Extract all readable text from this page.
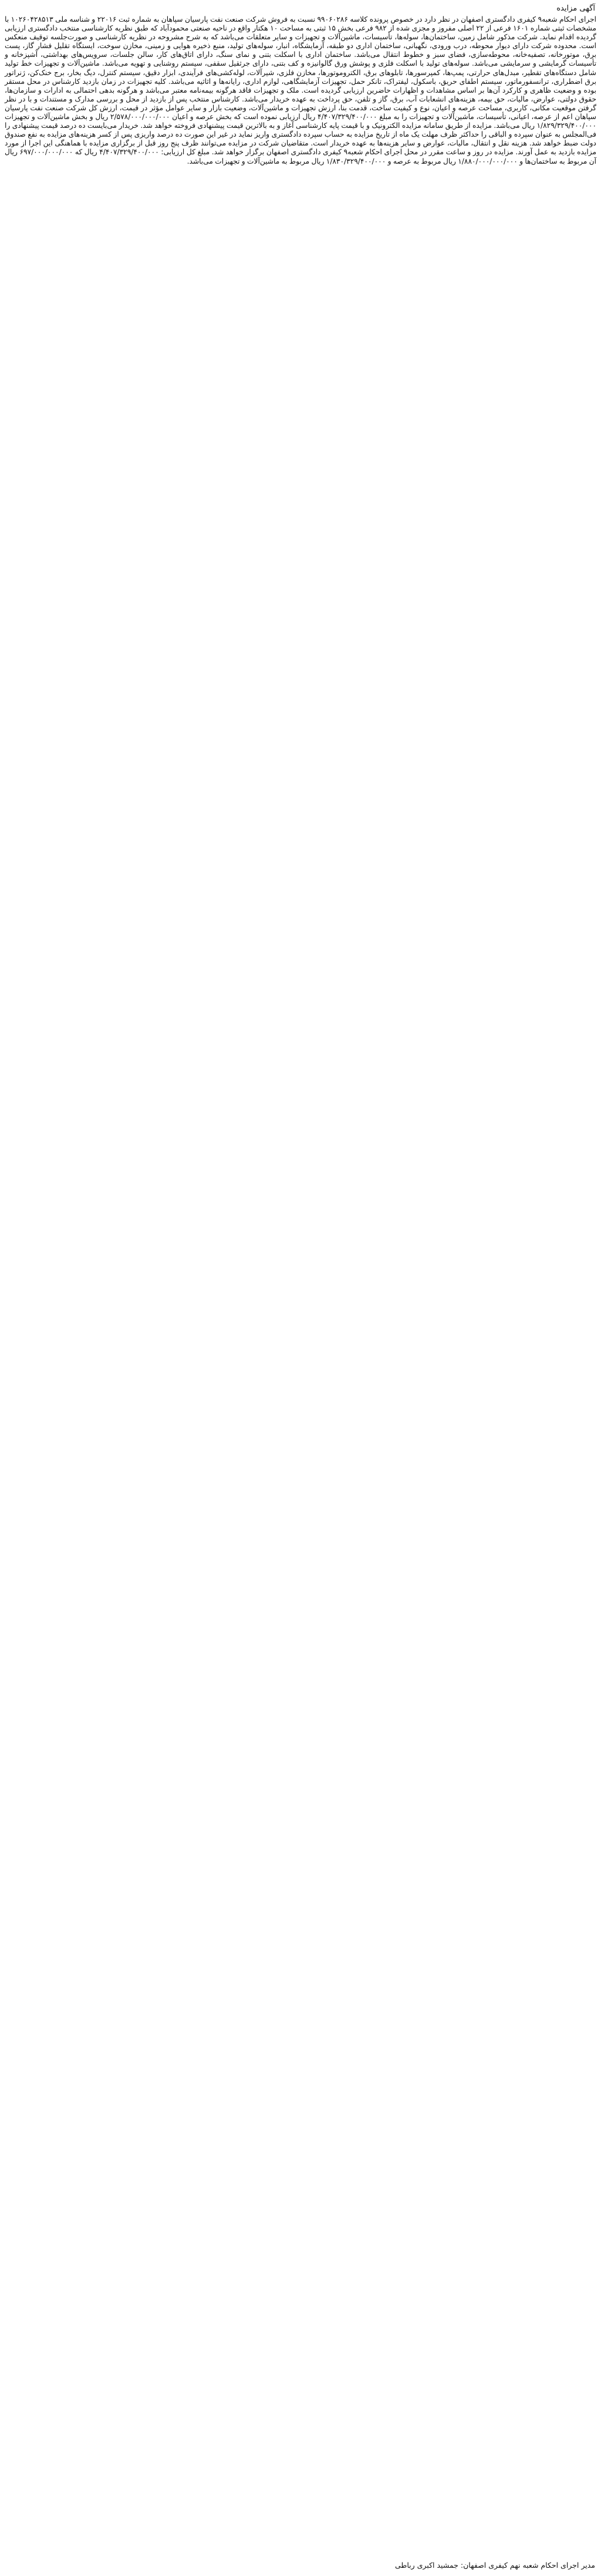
آگهی مزایده

اجرای احکام شعبه۹ کیفری دادگستری اصفهان در نظر دارد در خصوص پرونده کلاسه ۹۹۰۶۰۲۸۶ نسبت به فروش شرکت صنعت نفت پارسیان سپاهان به شماره ثبت ۲۲۰۱۶ و شناسه ملی ۱۰۲۶۰۴۲۸۵۱۳ با مشخصات ثبتی شماره ۱۶۰۱ فرعی از ۲۲ اصلی مفروز و مجزی شده از ۹۸۲ فرعی بخش ۱۵ ثبتی به مساحت ۱۰ هکتار واقع در ناحیه صنعتی محمودآباد که طبق نظریه کارشناسی منتخب دادگستری ارزیابی گردیده اقدام نماید. شرکت مذکور شامل زمین، ساختمان‌ها، سوله‌ها، تأسیسات، ماشین‌آلات و تجهیزات و سایر متعلقات می‌باشد که به شرح مشروحه در نظریه کارشناسی و صورت‌جلسه توقیف منعکس است. محدوده شرکت دارای دیوار محوطه، درب ورودی، نگهبانی، ساختمان اداری دو طبقه، آزمایشگاه، انبار، سوله‌های تولید، منبع ذخیره هوایی و زمینی، مخازن سوخت، ایستگاه تقلیل فشار گاز، پست برق، موتورخانه، تصفیه‌خانه، محوطه‌سازی، فضای سبز و خطوط انتقال می‌باشد. ساختمان اداری با اسکلت بتنی و نمای سنگ، دارای اتاق‌های کار، سالن جلسات، سرویس‌های بهداشتی، آشپزخانه و تأسیسات گرمایشی و سرمایشی می‌باشد. سوله‌های تولید با اسکلت فلزی و پوشش ورق گالوانیزه و کف بتنی، دارای جرثقیل سقفی، سیستم روشنایی و تهویه می‌باشد. ماشین‌آلات و تجهیزات خط تولید شامل دستگاه‌های تقطیر، مبدل‌های حرارتی، پمپ‌ها، کمپرسورها، تابلوهای برق، الکتروموتورها، مخازن فلزی، شیرآلات، لوله‌کشی‌های فرآیندی، ابزار دقیق، سیستم کنترل، دیگ بخار، برج خنک‌کن، ژنراتور برق اضطراری، ترانسفورماتور، سیستم اطفای حریق، باسکول، لیفتراک، تانکر حمل، تجهیزات آزمایشگاهی، لوازم اداری، رایانه‌ها و اثاثیه می‌باشد. کلیه تجهیزات در زمان بازدید کارشناس در محل مستقر بوده و وضعیت ظاهری و کارکرد آن‌ها بر اساس مشاهدات و اظهارات حاضرین ارزیابی گردیده است. ملک و تجهیزات فاقد هرگونه بیمه‌نامه معتبر می‌باشد و هرگونه بدهی احتمالی به ادارات و سازمان‌ها، حقوق دولتی، عوارض، مالیات، حق بیمه، هزینه‌های انشعابات آب، برق، گاز و تلفن، حق پرداخت به عهده خریدار می‌باشد. کارشناس منتخب پس از بازدید از محل و بررسی مدارک و مستندات و با در نظر گرفتن موقعیت مکانی، کاربری، مساحت عرصه و اعیان، نوع و کیفیت ساخت، قدمت بنا، ارزش تجهیزات و ماشین‌آلات، وضعیت بازار و سایر عوامل مؤثر در قیمت، ارزش کل شرکت صنعت نفت پارسیان سپاهان اعم از عرصه، اعیانی، تأسیسات، ماشین‌آلات و تجهیزات را به مبلغ ۴/۴۰۷/۳۲۹/۴۰۰/۰۰۰ ریال ارزیابی نموده است که بخش عرصه و اعیان ۲/۵۷۸/۰۰۰/۰۰۰/۰۰۰ ریال و بخش ماشین‌آلات و تجهیزات ۱/۸۲۹/۳۲۹/۴۰۰/۰۰۰ ریال می‌باشد. مزایده از طریق سامانه مزایده الکترونیک و با قیمت پایه کارشناسی آغاز و به بالاترین قیمت پیشنهادی فروخته خواهد شد. خریدار می‌بایست ده درصد قیمت پیشنهادی را فی‌المجلس به عنوان سپرده و الباقی را حداکثر ظرف مهلت یک ماه از تاریخ مزایده به حساب سپرده دادگستری واریز نماید در غیر این صورت ده درصد واریزی پس از کسر هزینه‌های مزایده به نفع صندوق دولت ضبط خواهد شد. هزینه نقل و انتقال، مالیات، عوارض و سایر هزینه‌ها به عهده خریدار است. متقاضیان شرکت در مزایده می‌توانند ظرف پنج روز قبل از برگزاری مزایده با هماهنگی این اجرا از مورد مزایده بازدید به عمل آورند. مزایده در روز و ساعت مقرر در محل اجرای احکام شعبه۹ کیفری دادگستری اصفهان برگزار خواهد شد. مبلغ کل ارزیابی: ۴/۴۰۷/۳۲۹/۴۰۰/۰۰۰ ریال که ۶۹۷/۰۰۰/۰۰۰/۰۰۰ ریال آن مربوط به ساختمان‌ها و ۱/۸۸۰/۰۰۰/۰۰۰/۰۰۰ ریال مربوط به عرصه و ۱/۸۳۰/۳۲۹/۴۰۰/۰۰۰ ریال مربوط به ماشین‌آلات و تجهیزات می‌باشد.

مدیر اجرای احکام شعبه نهم کیفری اصفهان: جمشید اکبری رباطی
